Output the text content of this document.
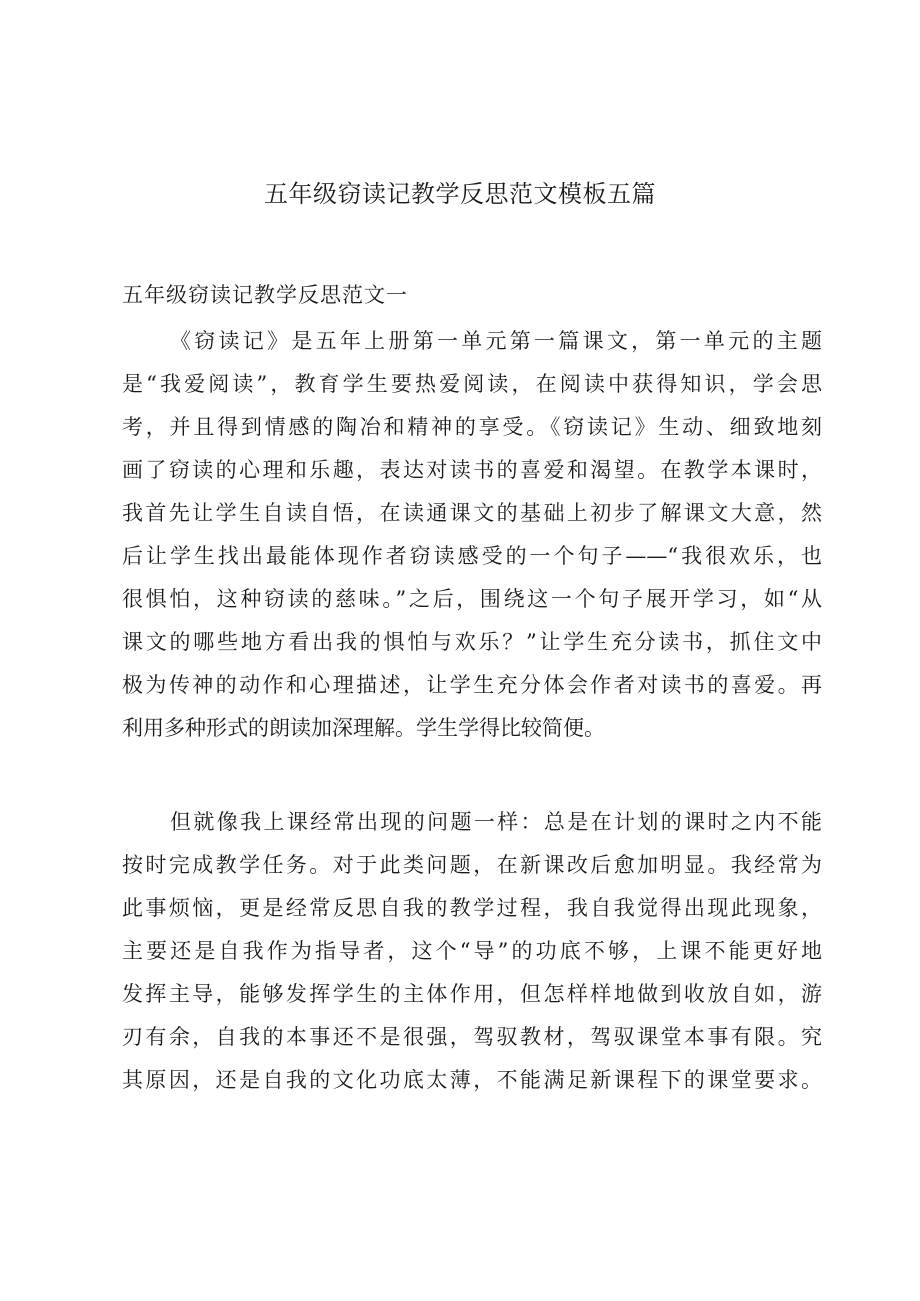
五年级窃读记教学反思范文模板五篇
五年级窃读记教学反思范文一
《窃读记》是五年上册第一单元第一篇课文，第一单元的主题
是“我爱阅读”，教育学生要热爱阅读，在阅读中获得知识，学会思
考，并且得到情感的陶冶和精神的享受。《窃读记》生动、细致地刻
画了窃读的心理和乐趣，表达对读书的喜爱和渴望。在教学本课时，
我首先让学生自读自悟，在读通课文的基础上初步了解课文大意，然
后让学生找出最能体现作者窃读感受的一个句子——“我很欢乐，也
很惧怕，这种窃读的慈味。”之后，围绕这一个句子展开学习，如“从
课文的哪些地方看出我的惧怕与欢乐？”让学生充分读书，抓住文中
极为传神的动作和心理描述，让学生充分体会作者对读书的喜爱。再
利用多种形式的朗读加深理解。学生学得比较简便。
但就像我上课经常出现的问题一样：总是在计划的课时之内不能
按时完成教学任务。对于此类问题，在新课改后愈加明显。我经常为
此事烦恼，更是经常反思自我的教学过程，我自我觉得出现此现象，
主要还是自我作为指导者，这个“导”的功底不够，上课不能更好地
发挥主导，能够发挥学生的主体作用，但怎样样地做到收放自如，游
刃有余，自我的本事还不是很强，驾驭教材，驾驭课堂本事有限。究
其原因，还是自我的文化功底太薄，不能满足新课程下的课堂要求。
